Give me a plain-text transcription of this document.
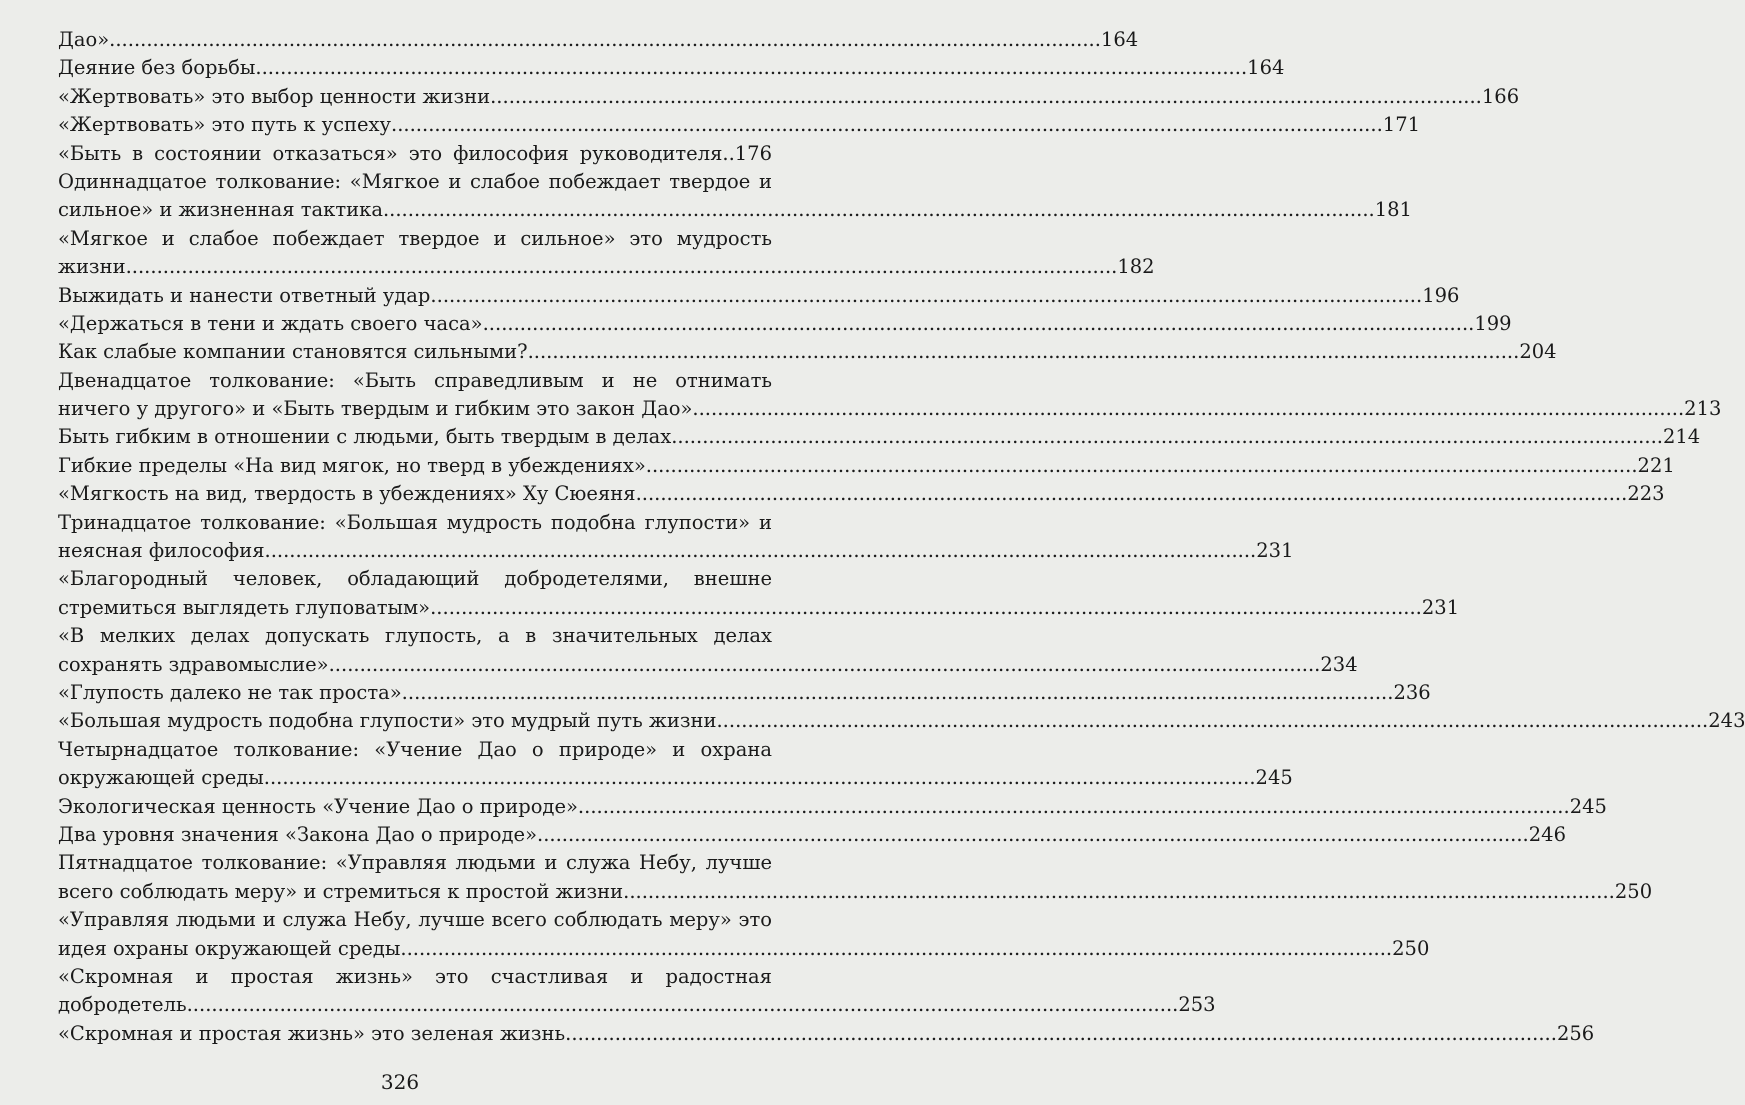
Дао» .....	164
Деяние без борьбы .....	164
«Жертвовать» это выбор ценности жизни .....	166
«Жертвовать» это путь к успеху .....	171
«Быть в состоянии отказаться» это философия руководителя..176
Одиннадцатое толкование: «Мягкое и слабое побеждает твердое и
сильное» и жизненная тактика .....	181
«Мягкое и слабое побеждает твердое и сильное» это мудрость
жизни .....	182
Выжидать и нанести ответный удар .....	196
«Держаться в тени и ждать своего часа» .....	199
Как слабые компании становятся сильными? .....	204
Двенадцатое толкование: «Быть справедливым и не отнимать
ничего у другого» и «Быть твердым и гибким это закон Дао» .....	213
Быть гибким в отношении с людьми, быть твердым в делах .....	214
Гибкие пределы «На вид мягок, но тверд в убеждениях» .....	221
«Мягкость на вид, твердость в убеждениях» Ху Сюеяня .....	223
Тринадцатое толкование: «Большая мудрость подобна глупости» и
неясная философия .....	231
«Благородный человек, обладающий добродетелями, внешне
стремиться выглядеть глуповатым» .....	231
«В мелких делах допускать глупость, а в значительных делах
сохранять здравомыслие» .....	234
«Глупость далеко не так проста» .....	236
«Большая мудрость подобна глупости» это мудрый путь жизни .....	243
Четырнадцатое толкование: «Учение Дао о природе» и охрана
окружающей среды .....	245
Экологическая ценность «Учение Дао о природе» .....	245
Два уровня значения «Закона Дао о природе» .....	246
Пятнадцатое толкование: «Управляя людьми и служа Небу, лучше
всего соблюдать меру» и стремиться к простой жизни .....	250
«Управляя людьми и служа Небу, лучше всего соблюдать меру» это
идея охраны окружающей среды .....	250
«Скромная и простая жизнь» это счастливая и радостная
добродетель .....	253
«Скромная и простая жизнь» это зеленая жизнь .....	256
326
